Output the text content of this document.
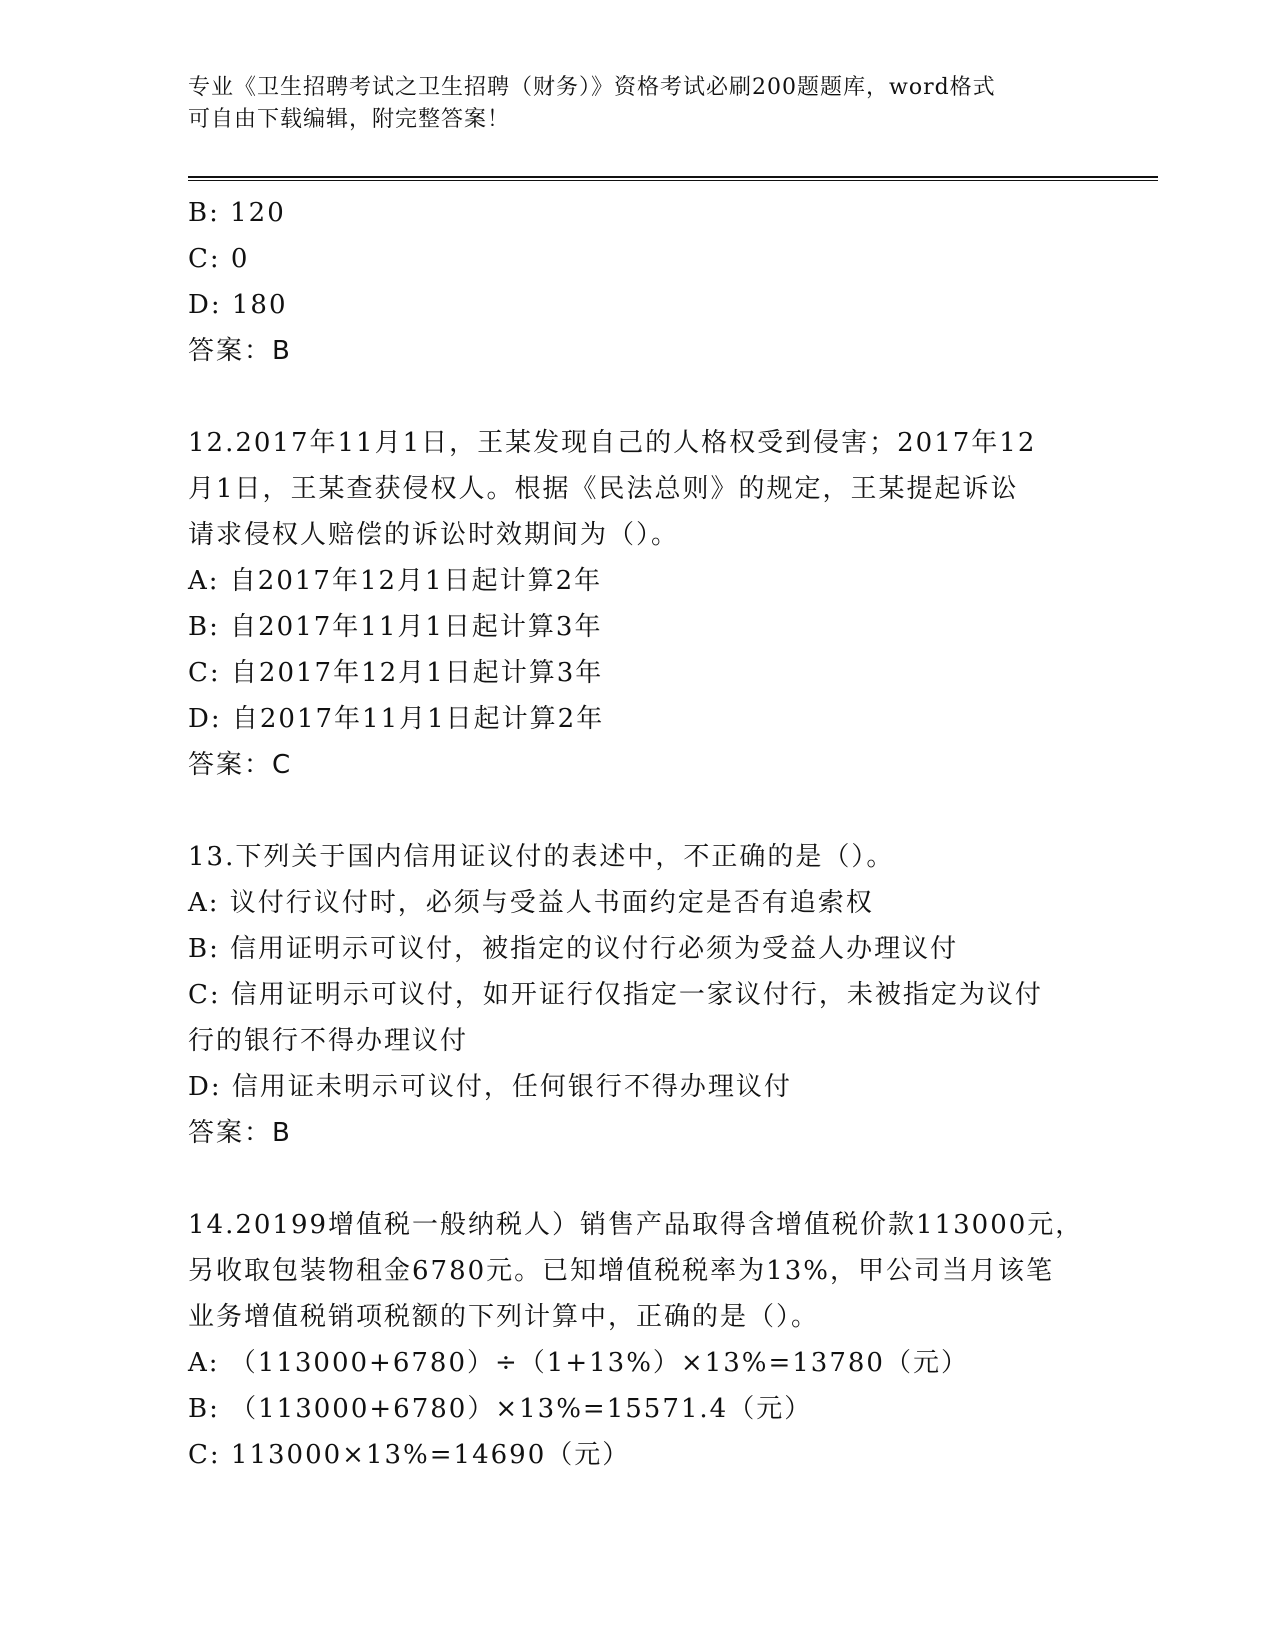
专业《卫生招聘考试之卫生招聘（财务）》资格考试必刷200题题库，word格式
可自由下载编辑，附完整答案！
B: 120
C: 0
D: 180
答案：B
12.2017年11月1日，王某发现自己的人格权受到侵害；2017年12
月1日，王某查获侵权人。根据《民法总则》的规定，王某提起诉讼
请求侵权人赔偿的诉讼时效期间为（）。
A: 自2017年12月1日起计算2年
B: 自2017年11月1日起计算3年
C: 自2017年12月1日起计算3年
D: 自2017年11月1日起计算2年
答案：C
13.下列关于国内信用证议付的表述中，不正确的是（）。
A: 议付行议付时，必须与受益人书面约定是否有追索权
B: 信用证明示可议付，被指定的议付行必须为受益人办理议付
C: 信用证明示可议付，如开证行仅指定一家议付行，未被指定为议付
行的银行不得办理议付
D: 信用证未明示可议付，任何银行不得办理议付
答案：B
14.20199增值税一般纳税人）销售产品取得含增值税价款113000元，
另收取包装物租金6780元。已知增值税税率为13%，甲公司当月该笔
业务增值税销项税额的下列计算中，正确的是（）。
A: （113000+6780）÷（1+13%）×13%=13780（元）
B: （113000+6780）×13%=15571.4（元）
C: 113000×13%=14690（元）
